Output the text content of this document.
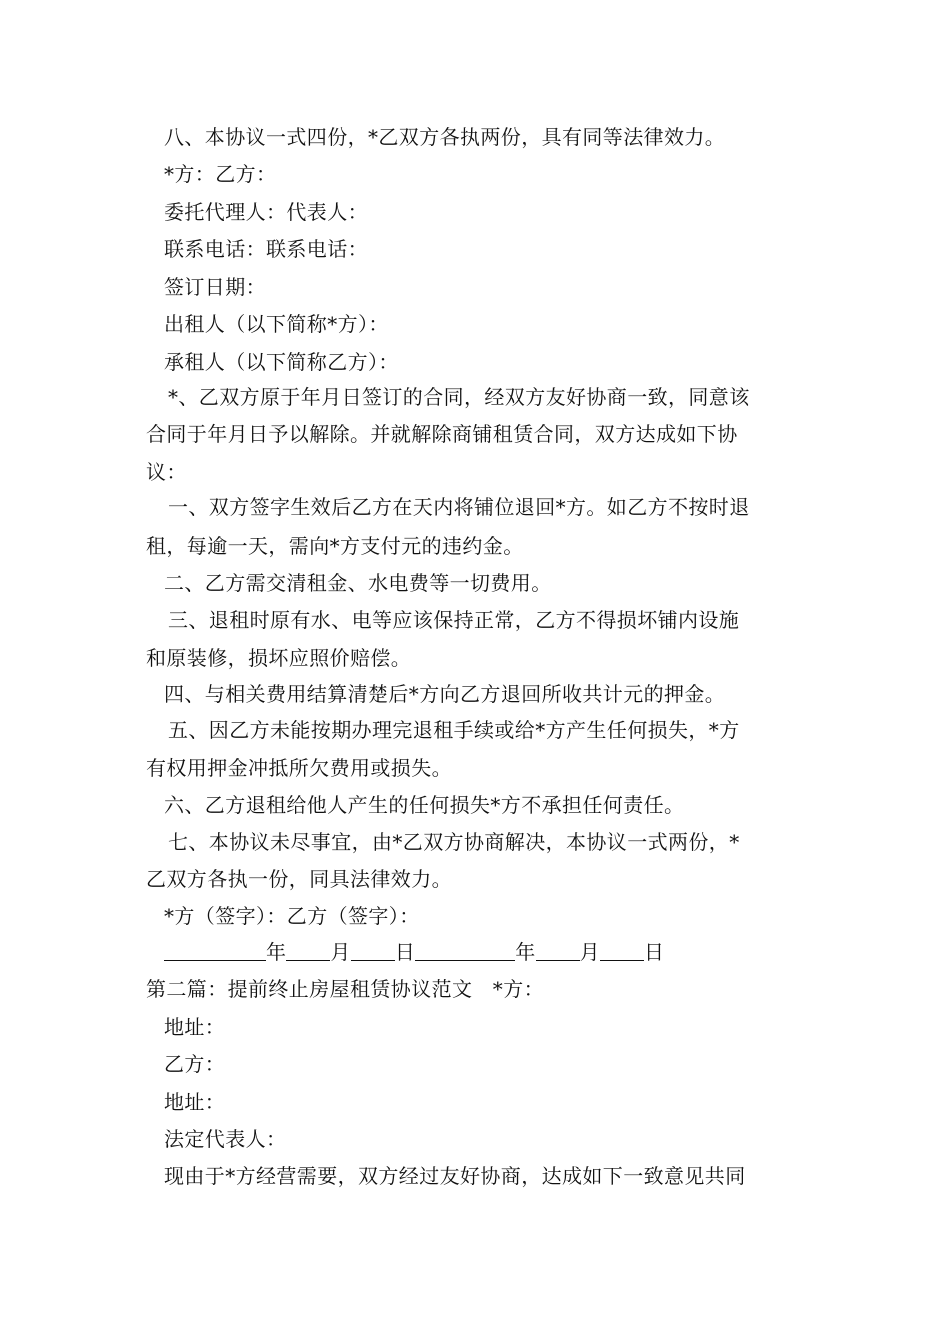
八、本协议一式四份，*乙双方各执两份，具有同等法律效力。
*方：乙方：
委托代理人：代表人：
联系电话：联系电话：
签订日期：
出租人（以下简称*方）：
承租人（以下简称乙方）：
*、乙双方原于年月日签订的合同，经双方友好协商一致，同意该
合同于年月日予以解除。并就解除商铺租赁合同，双方达成如下协
议：
一、双方签字生效后乙方在天内将铺位退回*方。如乙方不按时退
租，每逾一天，需向*方支付元的违约金。
二、乙方需交清租金、水电费等一切费用。
三、退租时原有水、电等应该保持正常，乙方不得损坏铺内设施
和原装修，损坏应照价赔偿。
四、与相关费用结算清楚后*方向乙方退回所收共计元的押金。
五、因乙方未能按期办理完退租手续或给*方产生任何损失，*方
有权用押金冲抵所欠费用或损失。
六、乙方退租给他人产生的任何损失*方不承担任何责任。
七、本协议未尽事宜，由*乙双方协商解决，本协议一式两份，*
乙双方各执一份，同具法律效力。
*方（签字）：乙方（签字）：
年 月 日	年 月 日
第二篇：提前终止房屋租赁协议范文　*方：
地址：
乙方：
地址：
法定代表人：
现由于*方经营需要，双方经过友好协商，达成如下一致意见共同
